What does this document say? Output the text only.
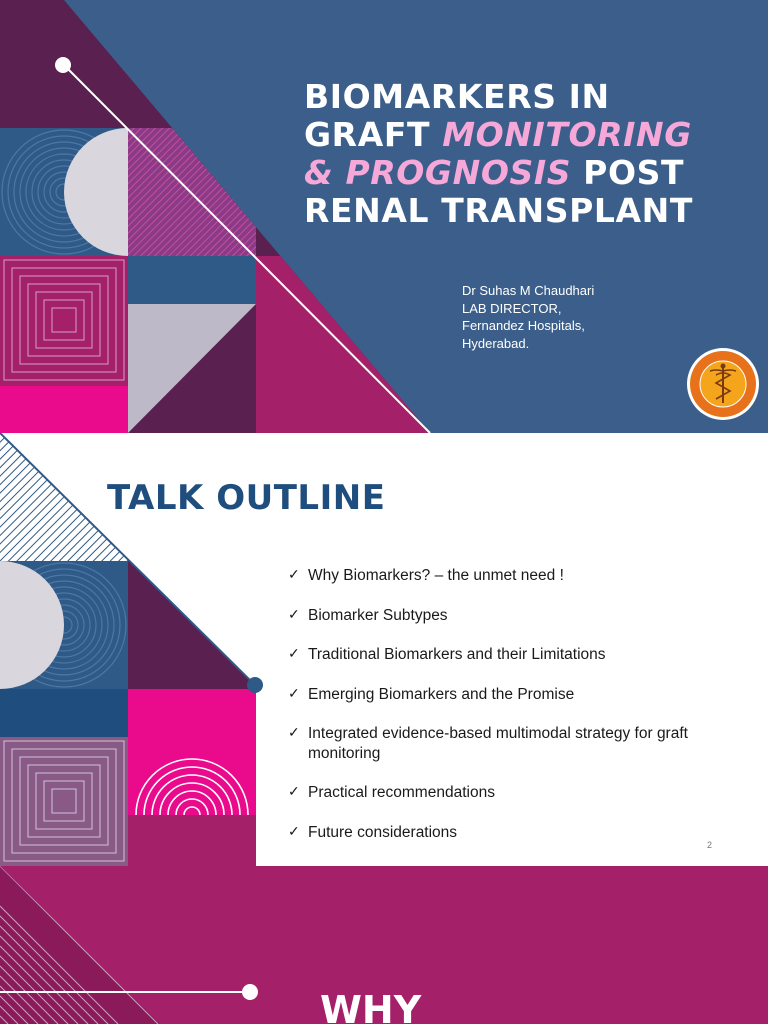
BIOMARKERS IN
GRAFT MONITORING
& PROGNOSIS POST
RENAL TRANSPLANT
Dr Suhas M Chaudhari
LAB DIRECTOR,
Fernandez Hospitals,
Hyderabad.
2
TALK OUTLINE
✓ Why Biomarkers? – the unmet need !
✓ Biomarker Subtypes
✓ Traditional Biomarkers and their Limitations
✓ Emerging Biomarkers and the Promise
✓ Integrated evidence-based multimodal strategy for graft monitoring
✓ Practical recommendations
✓ Future considerations
WHY
